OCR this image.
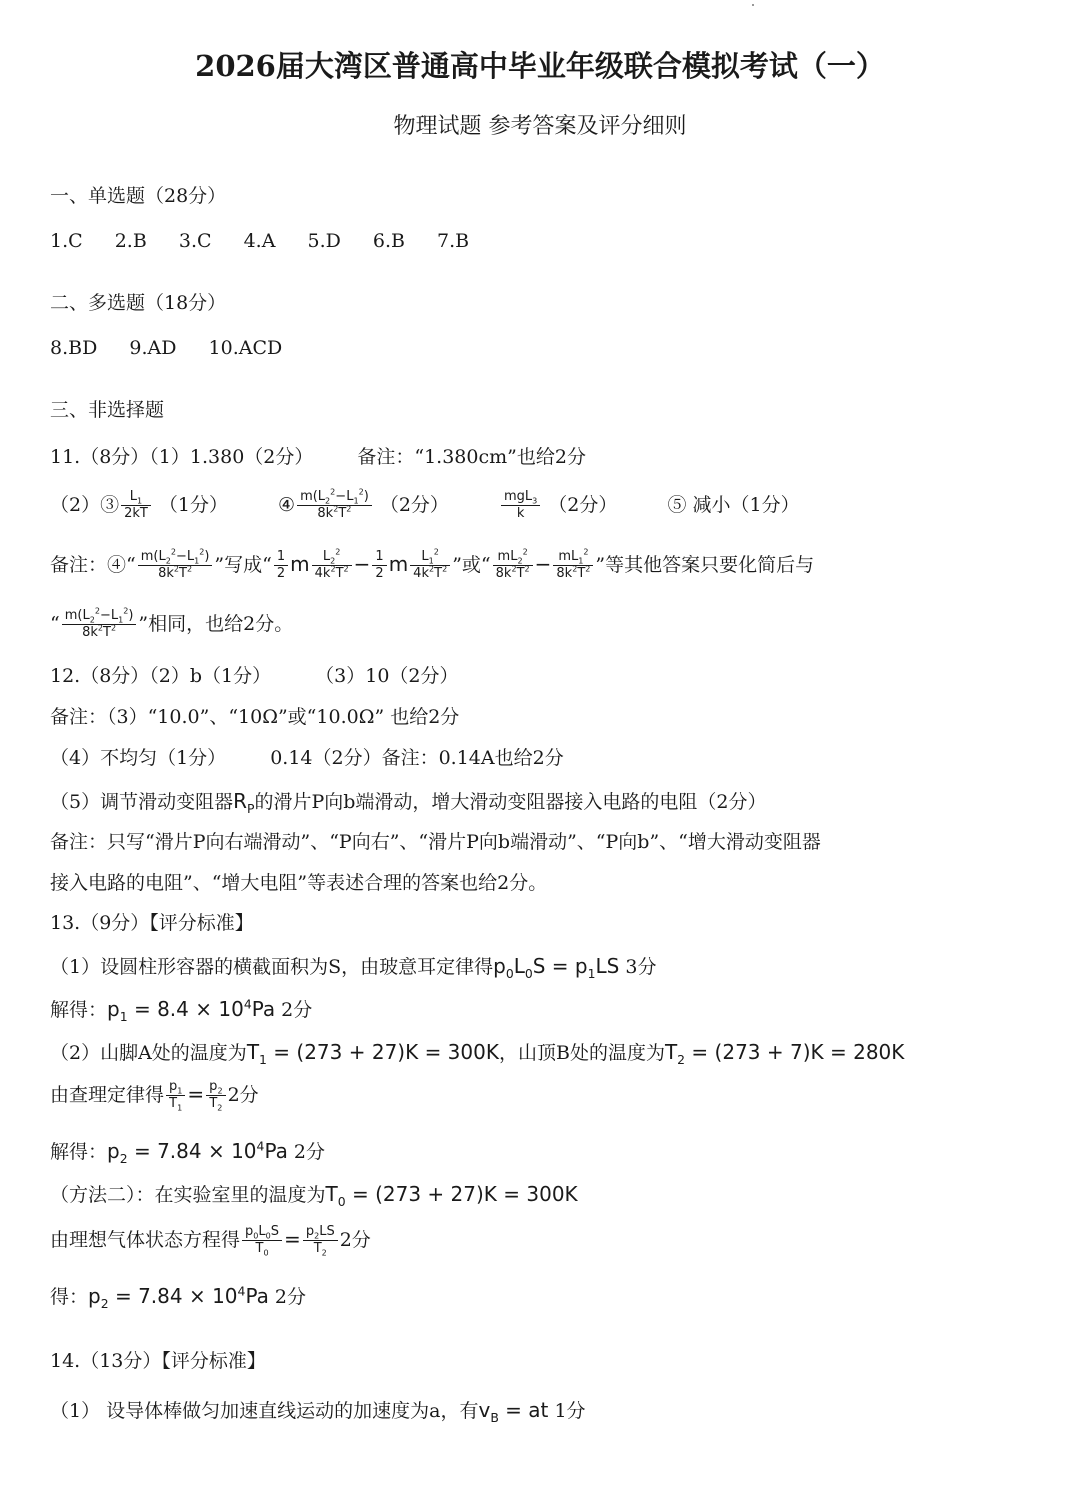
2026届大湾区普通高中毕业年级联合模拟考试（一）
物理试题 参考答案及评分细则
一、单选题（28分）
1.C 2.B 3.C 4.A 5.D 6.B 7.B
二、多选题（18分）
8.BD 9.AD 10.ACD
三、非选择题
11.（8分）（1）1.380（2分） 备注：“1.380cm”也给2分
（2）③ $\frac{L_1}{2kT} (1$分） ④ $\frac{m(L_2^2-L_1^2)}{8k^2T^2} (2$分）	mgL$_3$
k	（2分）	⑤ 减小（1分）
备注：④“ $\frac{m(L_2^2-L_1^2)}{8k^2T^2}$ ”写成“ $\frac{1}{2}$ m $\frac{L_2^2}{4k^2T^2} - \frac{1}{2}$ m $\frac{L_1^2}{4k^2T^2}$ ”或“ $\frac{mL_2^2}{8k^2T^2} - \frac{mL_1^2}{8k^2T^2}$ ”等其他答案只要化简后与
“ $\frac{m(L_2^2-L_1^2)}{8k^2T^2}$ ”相同，也给2分。
12.（8分）（2）b（1分） （3）10（2分）
备注：（3）“10.0”、“10Ω”或“10.0Ω” 也给2分
（4）不均匀（1分） 0.14（2分）备注：0.14A也给2分
（5）调节滑动变阻器$R_P$的滑片P向b端滑动，增大滑动变阻器接入电路的电阻（2分）
备注：只写“滑片P向右端滑动”、“P向右”、“滑片P向b端滑动”、“P向b”、“增大滑动变阻器
接入电路的电阻”、“增大电阻”等表述合理的答案也给2分。
13.（9分）【评分标准】
（1）设圆柱形容器的横截面积为S，由玻意耳定律得$p_0L_0S = p_1LS$ 3分
解得：$p_1 = 8.4 \times 10^4Pa$ 2分
（2）山脚A处的温度为$T_1 = (273 + 27)K = 300K$，山顶B处的温度为$T_2 = (273 + 7)K = 280K$
由查理定律得 $\frac{p_1}{T_1} = \frac{p_2}{T_2} 2$分
解得：$p_2 = 7.84 \times 10^4Pa$ 2分
（方法二）：在实验室里的温度为$T_0 = (273 + 27)K = 300K$
由理想气体状态方程得 $\frac{p_0L_0S}{T_0} = \frac{p_2LS}{T_2} 2$分
得：$p_2 = 7.84 \times 10^4Pa$ 2分
14.（13分）【评分标准】
（1） 设导体棒做匀加速直线运动的加速度为a，有$v_B$ = at 1分
